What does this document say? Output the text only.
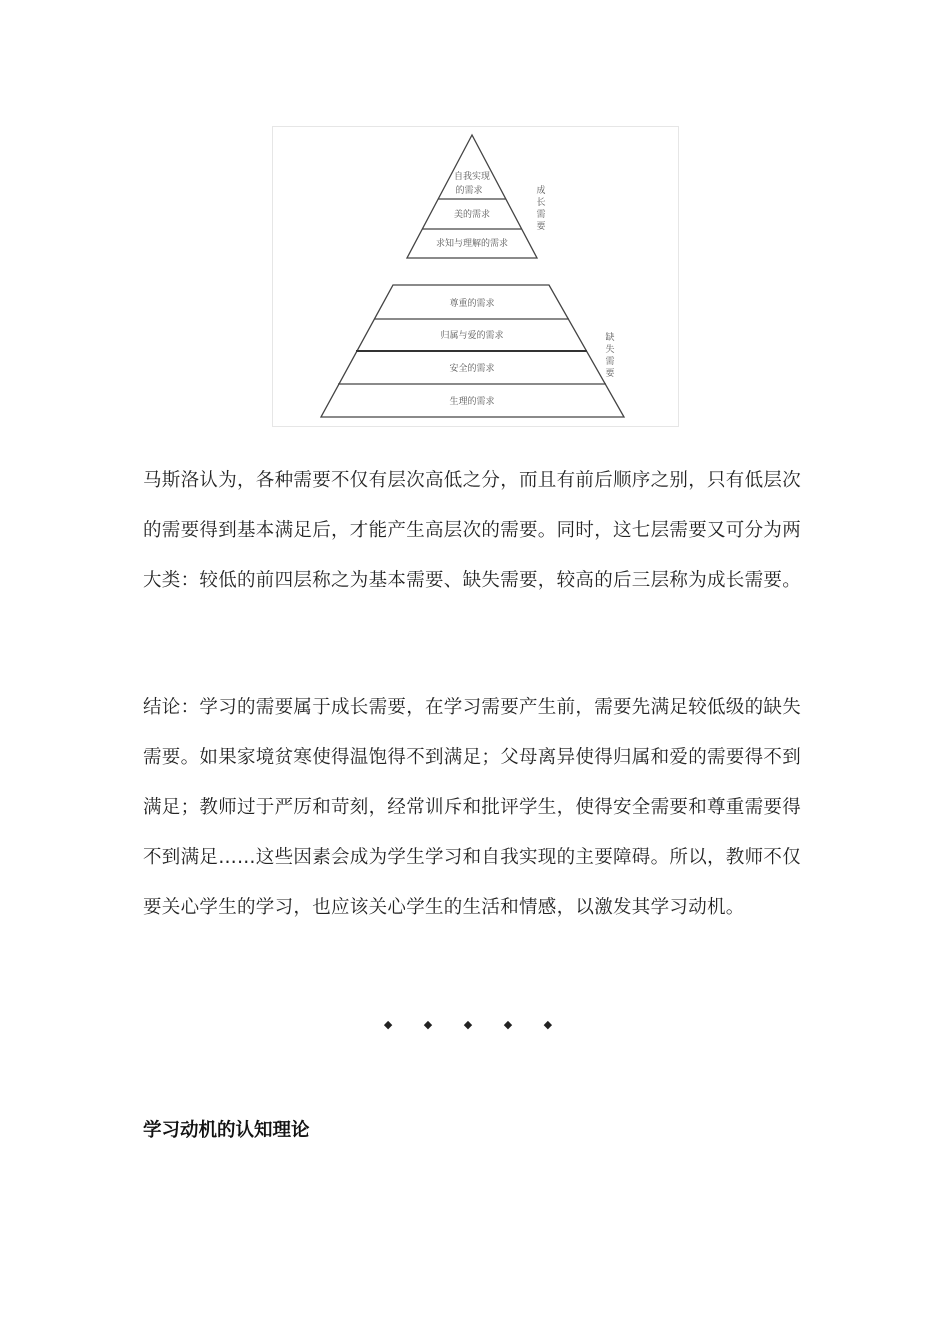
自我实现
的需求
美的需求
求知与理解的需求
成
长
需
要
尊重的需求
归属与爱的需求
安全的需求
生理的需求
缺
失
需
要

马斯洛认为，各种需要不仅有层次高低之分，而且有前后顺序之别，只有低层次
的需要得到基本满足后，才能产生高层次的需要。同时，这七层需要又可分为两
大类：较低的前四层称之为基本需要、缺失需要，较高的后三层称为成长需要。

结论：学习的需要属于成长需要，在学习需要产生前，需要先满足较低级的缺失
需要。如果家境贫寒使得温饱得不到满足；父母离异使得归属和爱的需要得不到
满足；教师过于严厉和苛刻，经常训斥和批评学生，使得安全需要和尊重需要得
不到满足……这些因素会成为学生学习和自我实现的主要障碍。所以，教师不仅
要关心学生的学习，也应该关心学生的生活和情感，以激发其学习动机。

◆ ◆ ◆ ◆ ◆
学习动机的认知理论
